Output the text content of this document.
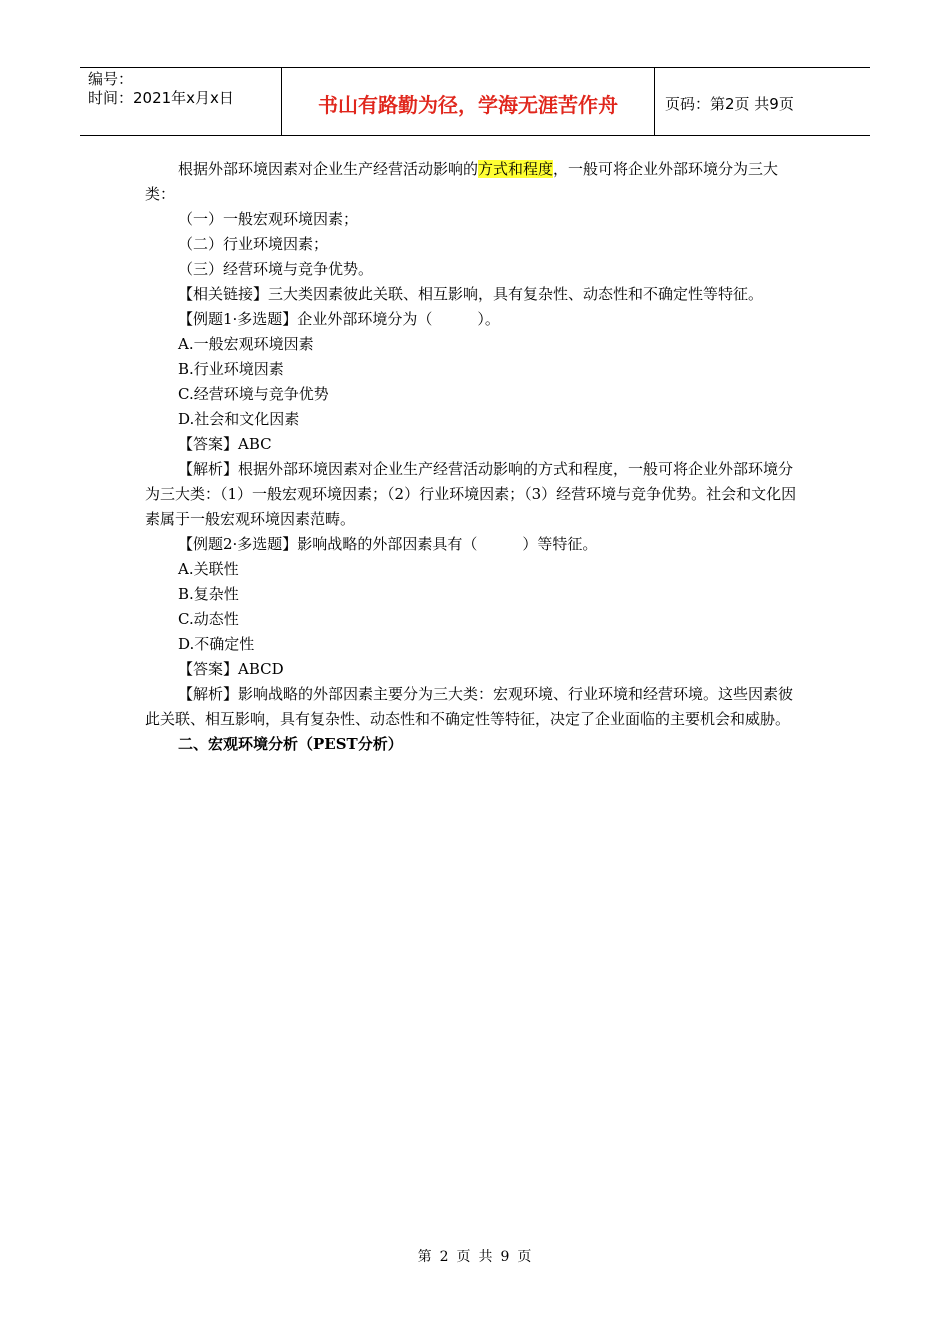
编号：
时间：2021年x月x日	书山有路勤为径，学海无涯苦作舟	页码：第2页 共9页

根据外部环境因素对企业生产经营活动影响的方式和程度，一般可将企业外部环境分为三大类：

（一）一般宏观环境因素；

（二）行业环境因素；

（三）经营环境与竞争优势。

【相关链接】三大类因素彼此关联、相互影响，具有复杂性、动态性和不确定性等特征。

【例题1·多选题】企业外部环境分为（　　　）。

A.一般宏观环境因素

B.行业环境因素

C.经营环境与竞争优势

D.社会和文化因素

【答案】ABC

【解析】根据外部环境因素对企业生产经营活动影响的方式和程度，一般可将企业外部环境分为三大类：（1）一般宏观环境因素；（2）行业环境因素；（3）经营环境与竞争优势。社会和文化因素属于一般宏观环境因素范畴。

【例题2·多选题】影响战略的外部因素具有（　　　）等特征。

A.关联性

B.复杂性

C.动态性

D.不确定性

【答案】ABCD

【解析】影响战略的外部因素主要分为三大类：宏观环境、行业环境和经营环境。这些因素彼此关联、相互影响，具有复杂性、动态性和不确定性等特征，决定了企业面临的主要机会和威胁。

二、宏观环境分析（PEST分析）

第 2 页 共 9 页
